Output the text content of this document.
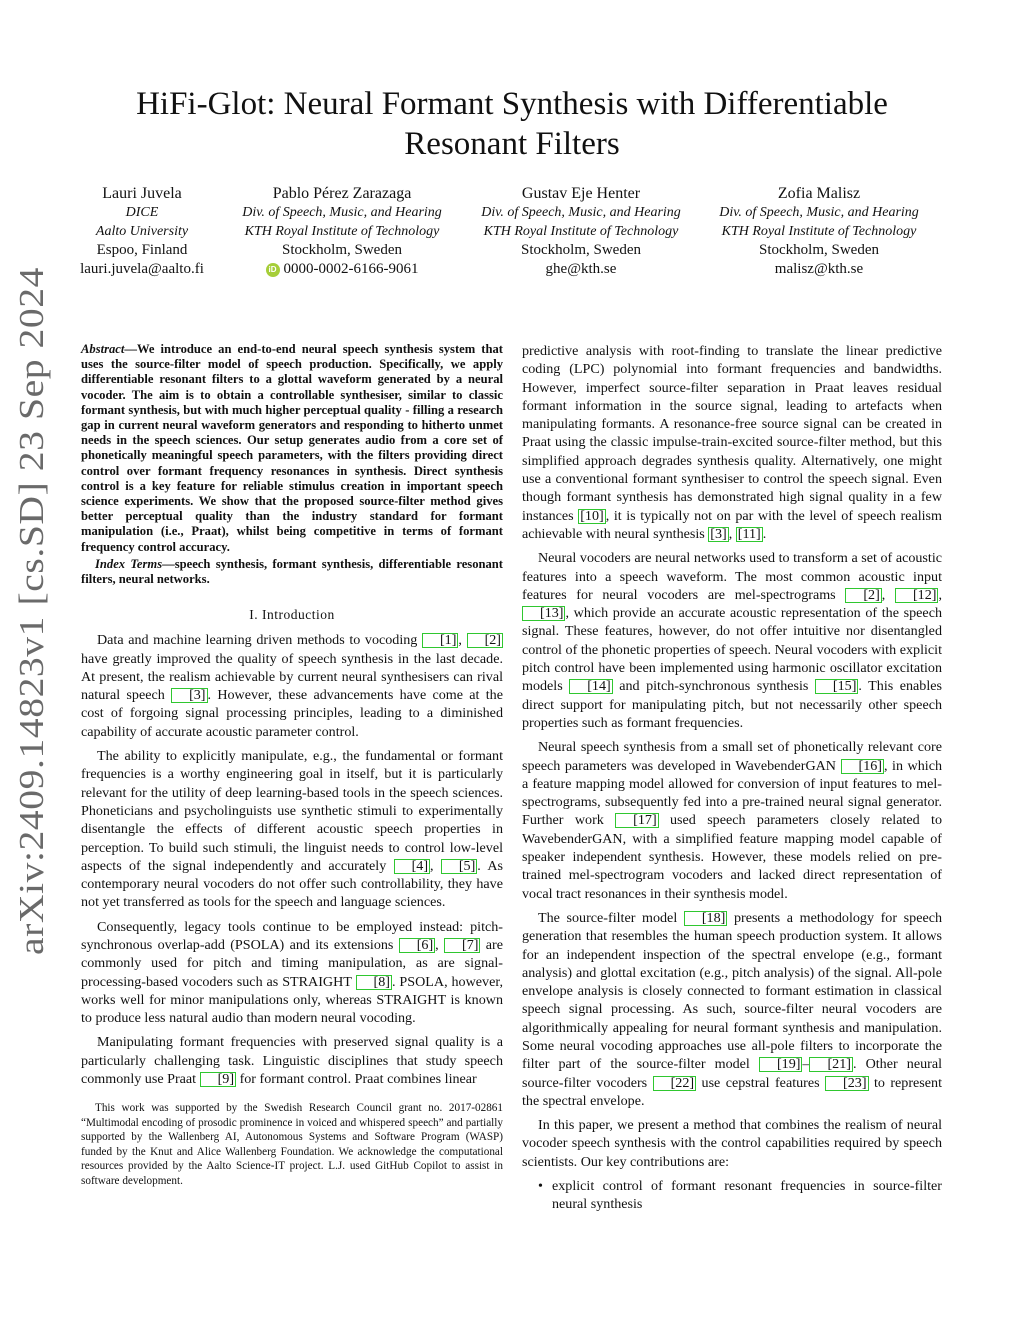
arXiv:2409.14823v1 [cs.SD] 23 Sep 2024
HiFi-Glot: Neural Formant Synthesis with Differentiable Resonant Filters
Lauri Juvela
DICE
Aalto University
Espoo, Finland
lauri.juvela@aalto.fi
Pablo Pérez Zarazaga
Div. of Speech, Music, and Hearing
KTH Royal Institute of Technology
Stockholm, Sweden
iD 0000-0002-6166-9061
Gustav Eje Henter
Div. of Speech, Music, and Hearing
KTH Royal Institute of Technology
Stockholm, Sweden
ghe@kth.se
Zofia Malisz
Div. of Speech, Music, and Hearing
KTH Royal Institute of Technology
Stockholm, Sweden
malisz@kth.se

Abstract—We introduce an end-to-end neural speech synthesis system that uses the source-filter model of speech production. Specifically, we apply differentiable resonant filters to a glottal waveform generated by a neural vocoder. The aim is to obtain a controllable synthesiser, similar to classic formant synthesis, but with much higher perceptual quality - filling a research gap in current neural waveform generators and responding to hitherto unmet needs in the speech sciences. Our setup generates audio from a core set of phonetically meaningful speech parameters, with the filters providing direct control over formant frequency resonances in synthesis. Direct synthesis control is a key feature for reliable stimulus creation in important speech science experiments. We show that the proposed source-filter method gives better perceptual quality than the industry standard for formant manipulation (i.e., Praat), whilst being competitive in terms of formant frequency control accuracy.

Index Terms—speech synthesis, formant synthesis, differentiable resonant filters, neural networks.

I. Introduction

Data and machine learning driven methods to vocoding [1] , [2] have greatly improved the quality of speech synthesis in the last decade. At present, the realism achievable by current neural synthesisers can rival natural speech [3] . However, these advancements have come at the cost of forgoing signal processing principles, leading to a diminished capability of accurate acoustic parameter control.

The ability to explicitly manipulate, e.g., the fundamental or formant frequencies is a worthy engineering goal in itself, but it is particularly relevant for the utility of deep learning-based tools in the speech sciences. Phoneticians and psycholinguists use synthetic stimuli to experimentally disentangle the effects of different acoustic speech properties in perception. To build such stimuli, the linguist needs to control low-level aspects of the signal independently and accurately [4] , [5] . As contemporary neural vocoders do not offer such controllability, they have not yet transferred as tools for the speech and language sciences.

Consequently, legacy tools continue to be employed instead: pitch-synchronous overlap-add (PSOLA) and its extensions [6] , [7] are commonly used for pitch and timing manipulation, as are signal-processing-based vocoders such as STRAIGHT [8] . PSOLA, however, works well for minor manipulations only, whereas STRAIGHT is known to produce less natural audio than modern neural vocoding.

Manipulating formant frequencies with preserved signal quality is a particularly challenging task. Linguistic disciplines that study speech commonly use Praat [9] for formant control. Praat combines linear

This work was supported by the Swedish Research Council grant no. 2017-02861 “Multimodal encoding of prosodic prominence in voiced and whispered speech” and partially supported by the Wallenberg AI, Autonomous Systems and Software Program (WASP) funded by the Knut and Alice Wallenberg Foundation. We acknowledge the computational resources provided by the Aalto Science-IT project. L.J. used GitHub Copilot to assist in software development.

predictive analysis with root-finding to translate the linear predictive coding (LPC) polynomial into formant frequencies and bandwidths. However, imperfect source-filter separation in Praat leaves residual formant information in the source signal, leading to artefacts when manipulating formants. A resonance-free source signal can be created in Praat using the classic impulse-train-excited source-filter method, but this simplified approach degrades synthesis quality. Alternatively, one might use a conventional formant synthesiser to control the speech signal. Even though formant synthesis has demonstrated high signal quality in a few instances [10] , it is typically not on par with the level of speech realism achievable with neural synthesis [3] , [11] .

Neural vocoders are neural networks used to transform a set of acoustic features into a speech waveform. The most common acoustic input features for neural vocoders are mel-spectrograms [2] , [12] , [13] , which provide an accurate acoustic representation of the speech signal. These features, however, do not offer intuitive nor disentangled control of the phonetic properties of speech. Neural vocoders with explicit pitch control have been implemented using harmonic oscillator excitation models [14] and pitch-synchronous synthesis [15] . This enables direct support for manipulating pitch, but not necessarily other speech properties such as formant frequencies.

Neural speech synthesis from a small set of phonetically relevant core speech parameters was developed in WavebenderGAN [16] , in which a feature mapping model allowed for conversion of input features to mel-spectrograms, subsequently fed into a pre-trained neural signal generator. Further work [17] used speech parameters closely related to WavebenderGAN, with a simplified feature mapping model capable of speaker independent synthesis. However, these models relied on pre-trained mel-spectrogram vocoders and lacked direct representation of vocal tract resonances in their synthesis model.

The source-filter model [18] presents a methodology for speech generation that resembles the human speech production system. It allows for an independent inspection of the spectral envelope (e.g., formant analysis) and glottal excitation (e.g., pitch analysis) of the signal. All-pole envelope analysis is closely connected to formant estimation in classical speech signal processing. As such, source-filter neural vocoders are algorithmically appealing for neural formant synthesis and manipulation. Some neural vocoding approaches use all-pole filters to incorporate the filter part of the source-filter model [19] – [21] . Other neural source-filter vocoders [22] use cepstral features [23] to represent the spectral envelope.

In this paper, we present a method that combines the realism of neural vocoder speech synthesis with the control capabilities required by speech scientists. Our key contributions are:

• explicit control of formant resonant frequencies in source-filter neural synthesis
